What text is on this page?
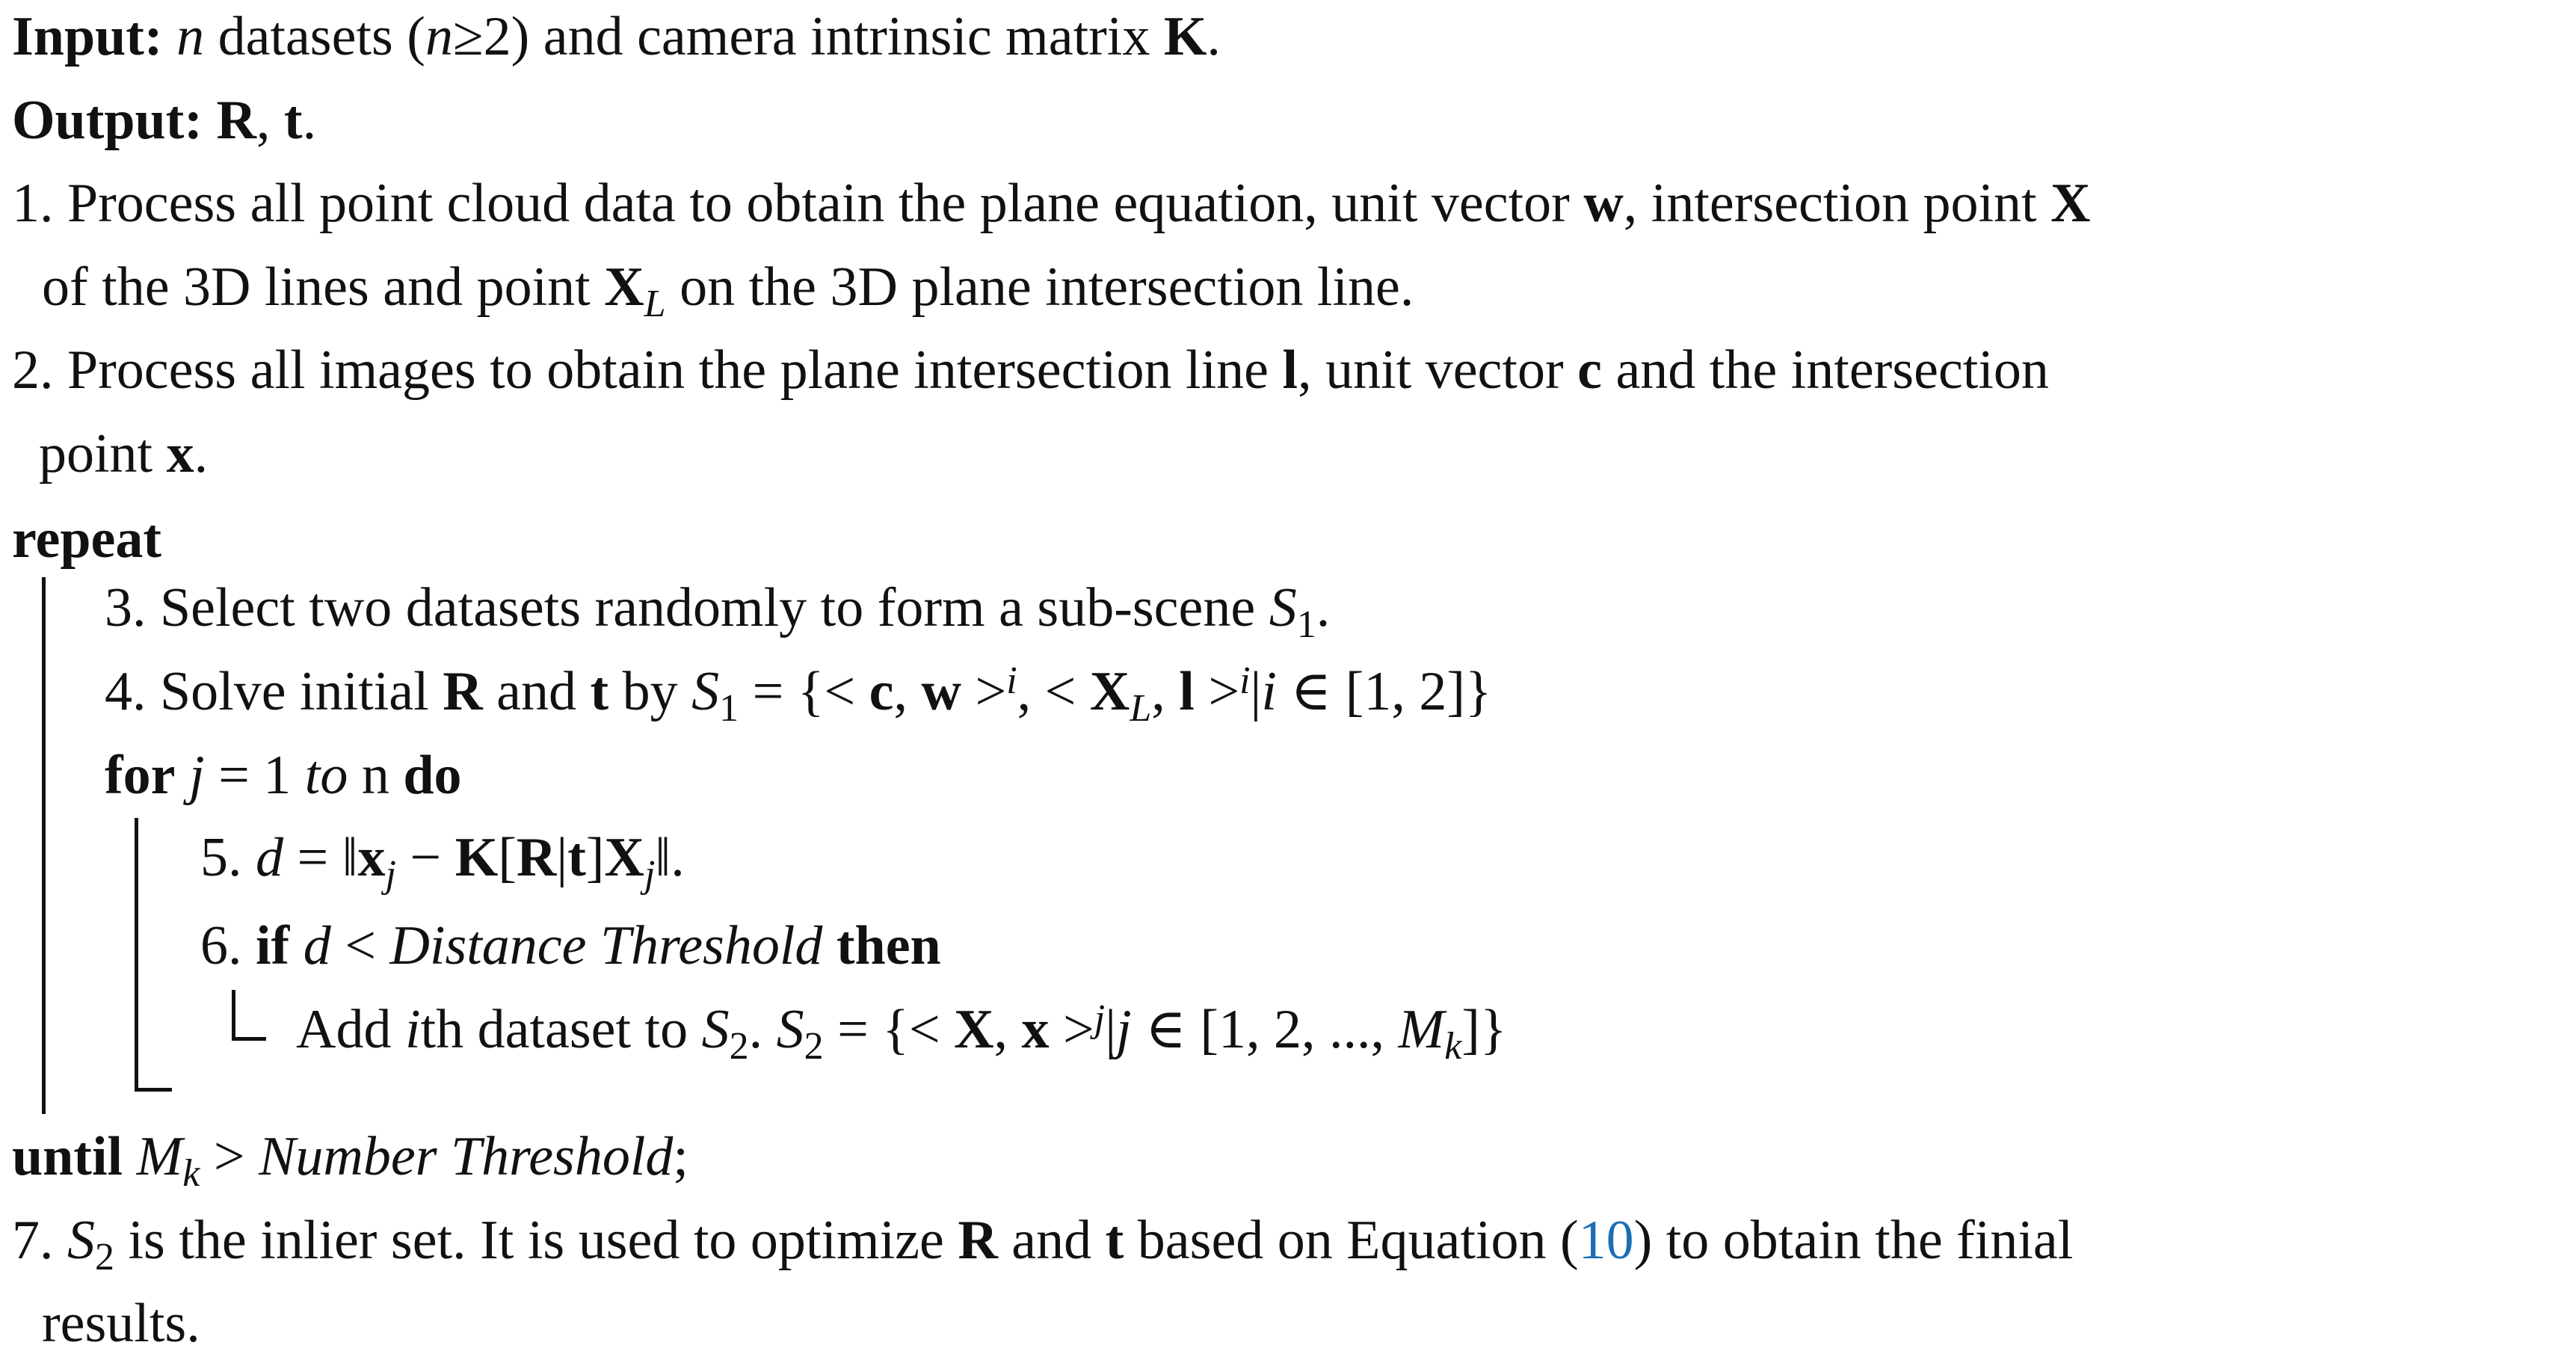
Input: n datasets (n≥2) and camera intrinsic matrix K.
Output: R, t.
1. Process all point cloud data to obtain the plane equation, unit vector w, intersection point X
of the 3D lines and point $X_L$ on the 3D plane intersection line.
2. Process all images to obtain the plane intersection line l, unit vector c and the intersection
point x.
repeat
3. Select two datasets randomly to form a sub-scene $S_1$.
4. Solve initial R and t by $S_1$ = {< c, w >$^i$, < $X_L$, l >$^i$|i ∈ [1, 2]}
for j = 1 to n do
5. $d = ‖x_j$ − $K[R|t]X_j‖$.
6. if d < Distance Threshold then
Add ith dataset to $S_2$. $S_2$ = {< X, x >$^j$|j ∈ [1, 2, ..., $M_k$]}
until $M_k$ > Number Threshold;
7. $S_2$ is the inlier set. It is used to optimize R and t based on Equation (10) to obtain the finial
results.
